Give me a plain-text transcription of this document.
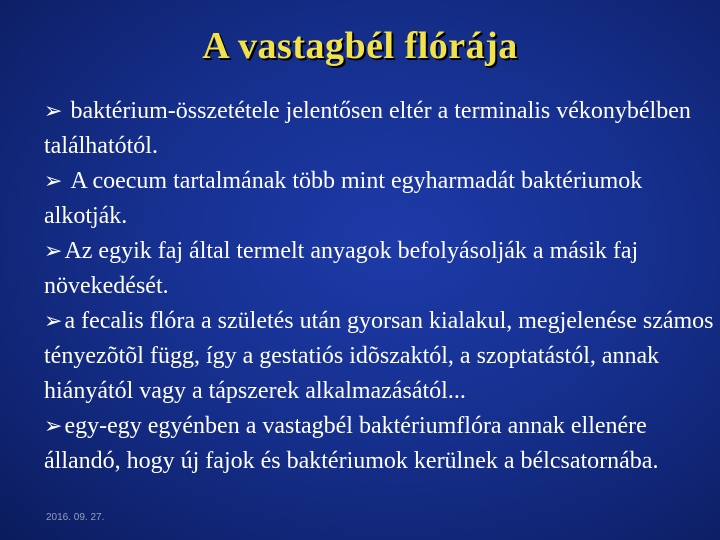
A vastagbél flórája

➢ baktérium-összetétele jelentősen eltér a terminalis vékonybélben találhatótól.

➢ A coecum tartalmának több mint egyharmadát baktériumok alkotják.

➢Az egyik faj által termelt anyagok befolyásolják a másik faj növekedését.

➢a fecalis flóra a születés után gyorsan kialakul, megjelenése számos tényezõtõl függ, így a gestatiós idõszaktól, a szoptatástól, annak hiányától vagy a tápszerek alkalmazásától...

➢egy-egy egyénben a vastagbél baktériumflóra annak ellenére állandó, hogy új fajok és baktériumok kerülnek a bélcsatornába.

2016. 09. 27.
